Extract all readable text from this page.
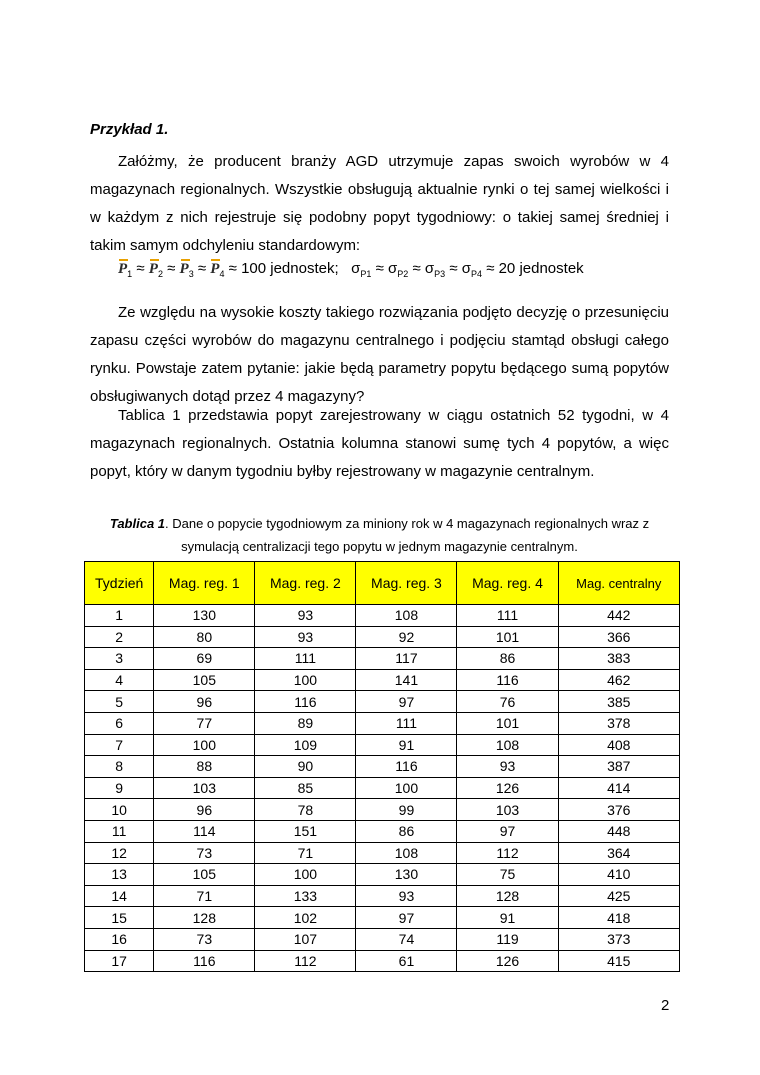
Przykład 1.

Załóżmy, że producent branży AGD utrzymuje zapas swoich wyrobów w 4 magazynach regionalnych. Wszystkie obsługują aktualnie rynki o tej samej wielkości i w każdym z nich rejestruje się podobny popyt tygodniowy: o takiej samej średniej i takim samym odchyleniu standardowym:

$P_1 \approx P_2 \approx P_3 \approx P_4 \approx 100$ jednostek; $\sigma_{P1} \approx \sigma_{P2} \approx \sigma_{P3} \approx \sigma_{P4} \approx 20$ jednostek

Ze względu na wysokie koszty takiego rozwiązania podjęto decyzję o przesunięciu zapasu części wyrobów do magazynu centralnego i podjęciu stamtąd obsługi całego rynku. Powstaje zatem pytanie: jakie będą parametry popytu będącego sumą popytów obsługiwanych dotąd przez 4 magazyny?

Tablica 1 przedstawia popyt zarejestrowany w ciągu ostatnich 52 tygodni, w 4 magazynach regionalnych. Ostatnia kolumna stanowi sumę tych 4 popytów, a więc popyt, który w danym tygodniu byłby rejestrowany w magazynie centralnym.

Tablica 1. Dane o popycie tygodniowym za miniony rok w 4 magazynach regionalnych wraz z symulacją centralizacji tego popytu w jednym magazynie centralnym.

Tydzień	Mag. reg. 1	Mag. reg. 2	Mag. reg. 3	Mag. reg. 4	Mag. centralny
1	130	93	108	111	442
2	80	93	92	101	366
3	69	111	117	86	383
4	105	100	141	116	462
5	96	116	97	76	385
6	77	89	111	101	378
7	100	109	91	108	408
8	88	90	116	93	387
9	103	85	100	126	414
10	96	78	99	103	376
11	114	151	86	97	448
12	73	71	108	112	364
13	105	100	130	75	410
14	71	133	93	128	425
15	128	102	97	91	418
16	73	107	74	119	373
17	116	112	61	126	415
2
